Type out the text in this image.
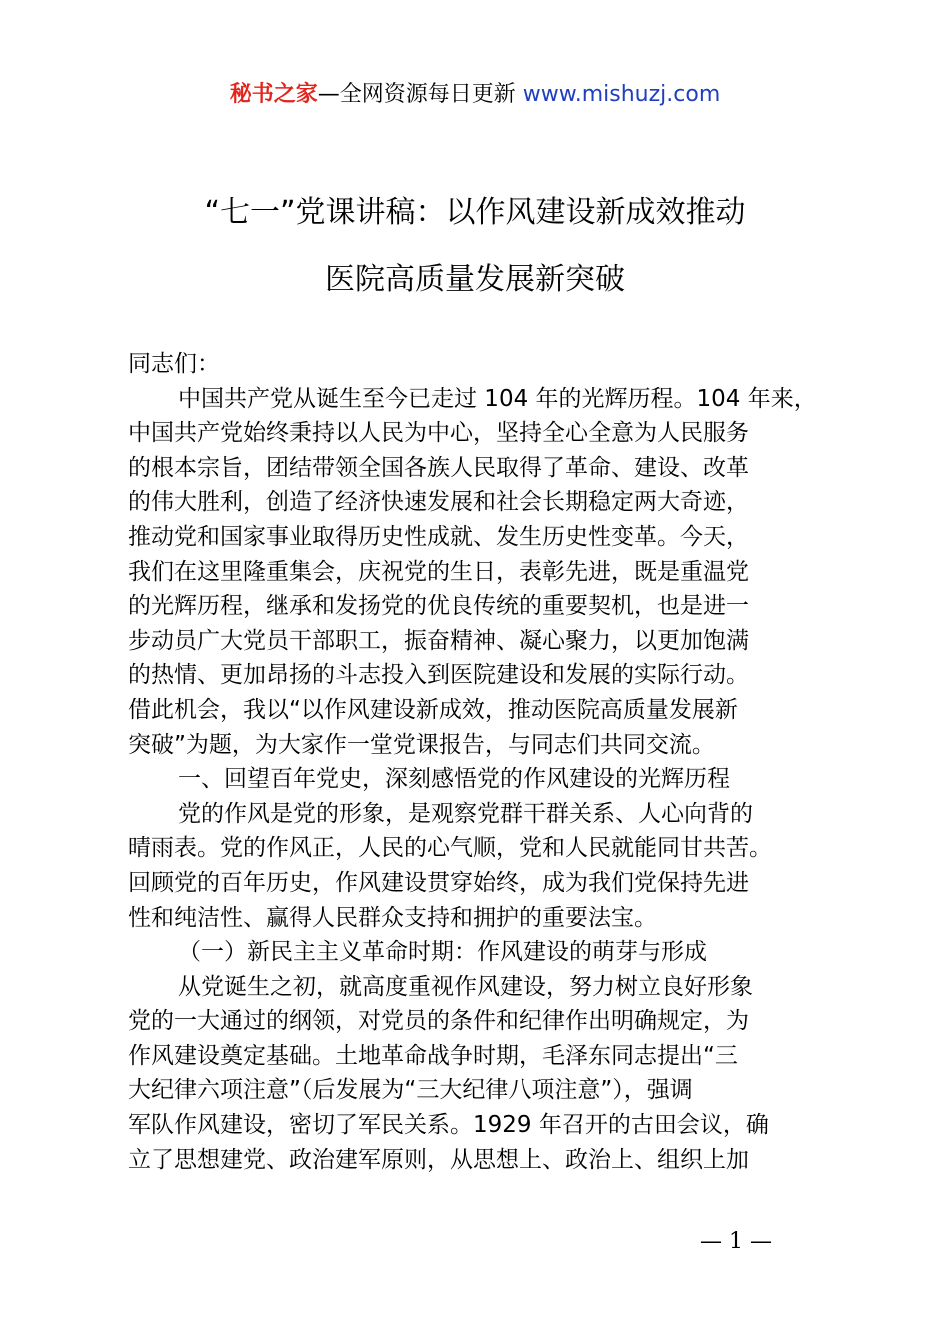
秘书之家—全网资源每日更新 www.mishuzj.com
“七一”党课讲稿：以作风建设新成效推动
医院高质量发展新突破
同志们：
中国共产党从诞生至今已走过 104 年的光辉历程。104 年来，
中国共产党始终秉持以人民为中心，坚持全心全意为人民服务
的根本宗旨，团结带领全国各族人民取得了革命、建设、改革
的伟大胜利，创造了经济快速发展和社会长期稳定两大奇迹，
推动党和国家事业取得历史性成就、发生历史性变革。今天，
我们在这里隆重集会，庆祝党的生日，表彰先进，既是重温党
的光辉历程，继承和发扬党的优良传统的重要契机，也是进一
步动员广大党员干部职工，振奋精神、凝心聚力，以更加饱满
的热情、更加昂扬的斗志投入到医院建设和发展的实际行动。
借此机会，我以“以作风建设新成效，推动医院高质量发展新
突破”为题，为大家作一堂党课报告，与同志们共同交流。
一、回望百年党史，深刻感悟党的作风建设的光辉历程
党的作风是党的形象，是观察党群干群关系、人心向背的
晴雨表。党的作风正，人民的心气顺，党和人民就能同甘共苦。
回顾党的百年历史，作风建设贯穿始终，成为我们党保持先进
性和纯洁性、赢得人民群众支持和拥护的重要法宝。
（一）新民主主义革命时期：作风建设的萌芽与形成
从党诞生之初，就高度重视作风建设，努力树立良好形象
党的一大通过的纲领，对党员的条件和纪律作出明确规定，为
作风建设奠定基础。土地革命战争时期，毛泽东同志提出“三
大纪律六项注意”（后发展为“三大纪律八项注意”），强调
军队作风建设，密切了军民关系。1929 年召开的古田会议，确
立了思想建党、政治建军原则，从思想上、政治上、组织上加
— 1 —
